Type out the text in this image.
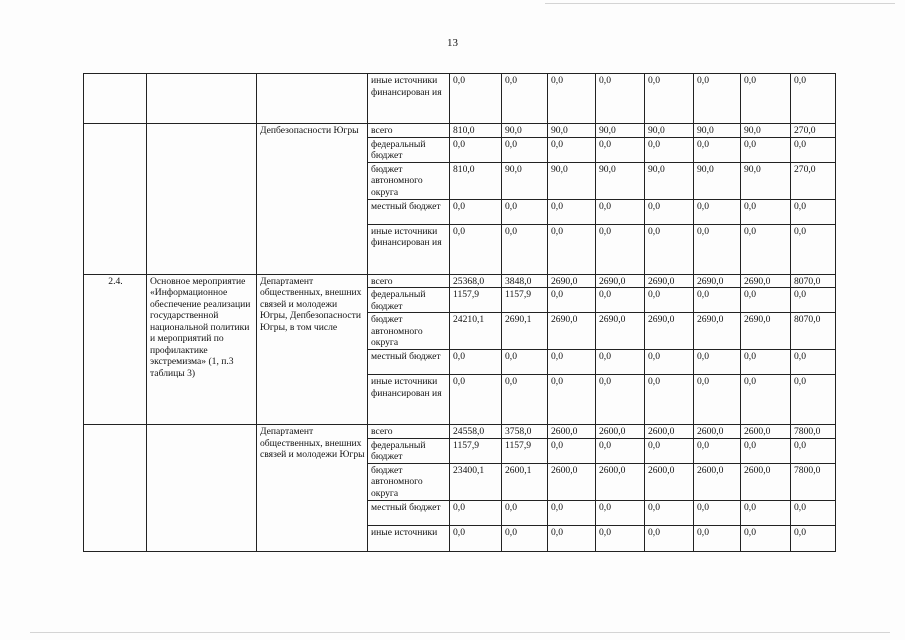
13
			иные источники финансирован ия	0,0	0,0	0,0	0,0	0,0	0,0	0,0	0,0
		Депбезопасности Югры	всего	810,0	90,0	90,0	90,0	90,0	90,0	90,0	270,0
			федеральный бюджет	0,0	0,0	0,0	0,0	0,0	0,0	0,0	0,0
			бюджет автономного округа	810,0	90,0	90,0	90,0	90,0	90,0	90,0	270,0
			местный бюджет	0,0	0,0	0,0	0,0	0,0	0,0	0,0	0,0
			иные источники финансирован ия	0,0	0,0	0,0	0,0	0,0	0,0	0,0	0,0
2.4.	Основное мероприятие «Информационное обеспечение реализации государственной национальной политики и мероприятий по профилактике экстремизма» (1, п.3 таблицы 3)	Департамент общественных, внешних связей и молодежи Югры, Депбезопасности Югры, в том числе	всего	25368,0	3848,0	2690,0	2690,0	2690,0	2690,0	2690,0	8070,0
			федеральный бюджет	1157,9	1157,9	0,0	0,0	0,0	0,0	0,0	0,0
			бюджет автономного округа	24210,1	2690,1	2690,0	2690,0	2690,0	2690,0	2690,0	8070,0
			местный бюджет	0,0	0,0	0,0	0,0	0,0	0,0	0,0	0,0
			иные источники финансирован ия	0,0	0,0	0,0	0,0	0,0	0,0	0,0	0,0
		Департамент общественных, внешних связей и молодежи Югры	всего	24558,0	3758,0	2600,0	2600,0	2600,0	2600,0	2600,0	7800,0
			федеральный бюджет	1157,9	1157,9	0,0	0,0	0,0	0,0	0,0	0,0
			бюджет автономного округа	23400,1	2600,1	2600,0	2600,0	2600,0	2600,0	2600,0	7800,0
			местный бюджет	0,0	0,0	0,0	0,0	0,0	0,0	0,0	0,0
			иные источники	0,0	0,0	0,0	0,0	0,0	0,0	0,0	0,0
